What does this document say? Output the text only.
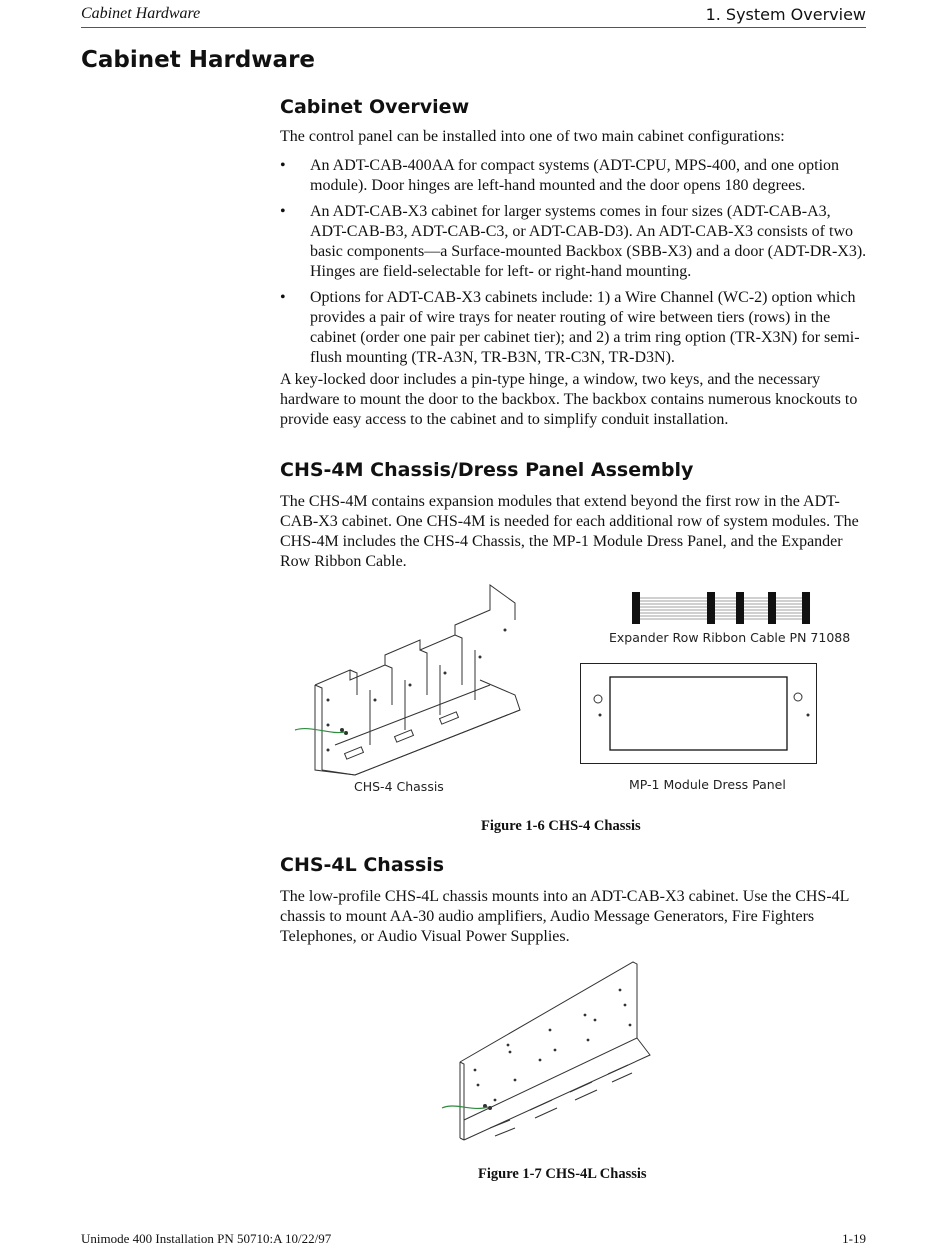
Cabinet Hardware	1. System Overview
Cabinet Hardware
Cabinet Overview
The control panel can be installed into one of two main cabinet configurations:
• An ADT-CAB-400AA for compact systems (ADT-CPU, MPS-400, and one option module). Door hinges are left-hand mounted and the door opens 180 degrees.
• An ADT-CAB-X3 cabinet for larger systems comes in four sizes (ADT-CAB-A3, ADT-CAB-B3, ADT-CAB-C3, or ADT-CAB-D3). An ADT-CAB-X3 consists of two basic components—a Surface-mounted Backbox (SBB-X3) and a door (ADT-DR-X3). Hinges are field-selectable for left- or right-hand mounting.
• Options for ADT-CAB-X3 cabinets include: 1) a Wire Channel (WC-2) option which provides a pair of wire trays for neater routing of wire between tiers (rows) in the cabinet (order one pair per cabinet tier); and 2) a trim ring option (TR-X3N) for semi-flush mounting (TR-A3N, TR-B3N, TR-C3N, TR-D3N).
A key-locked door includes a pin-type hinge, a window, two keys, and the necessary hardware to mount the door to the backbox. The backbox contains numerous knockouts to provide easy access to the cabinet and to simplify conduit installation.
CHS-4M Chassis/Dress Panel Assembly
The CHS-4M contains expansion modules that extend beyond the first row in the ADT-CAB-X3 cabinet. One CHS-4M is needed for each additional row of system modules. The CHS-4M includes the CHS-4 Chassis, the MP-1 Module Dress Panel, and the Expander Row Ribbon Cable.
CHS-4 Chassis
Expander Row Ribbon Cable PN 71088
MP-1 Module Dress Panel
Figure 1-6 CHS-4 Chassis
CHS-4L Chassis
The low-profile CHS-4L chassis mounts into an ADT-CAB-X3 cabinet. Use the CHS-4L chassis to mount AA-30 audio amplifiers, Audio Message Generators, Fire Fighters Telephones, or Audio Visual Power Supplies.
Figure 1-7 CHS-4L Chassis
Unimode 400 Installation PN 50710:A 10/22/97	1-19
